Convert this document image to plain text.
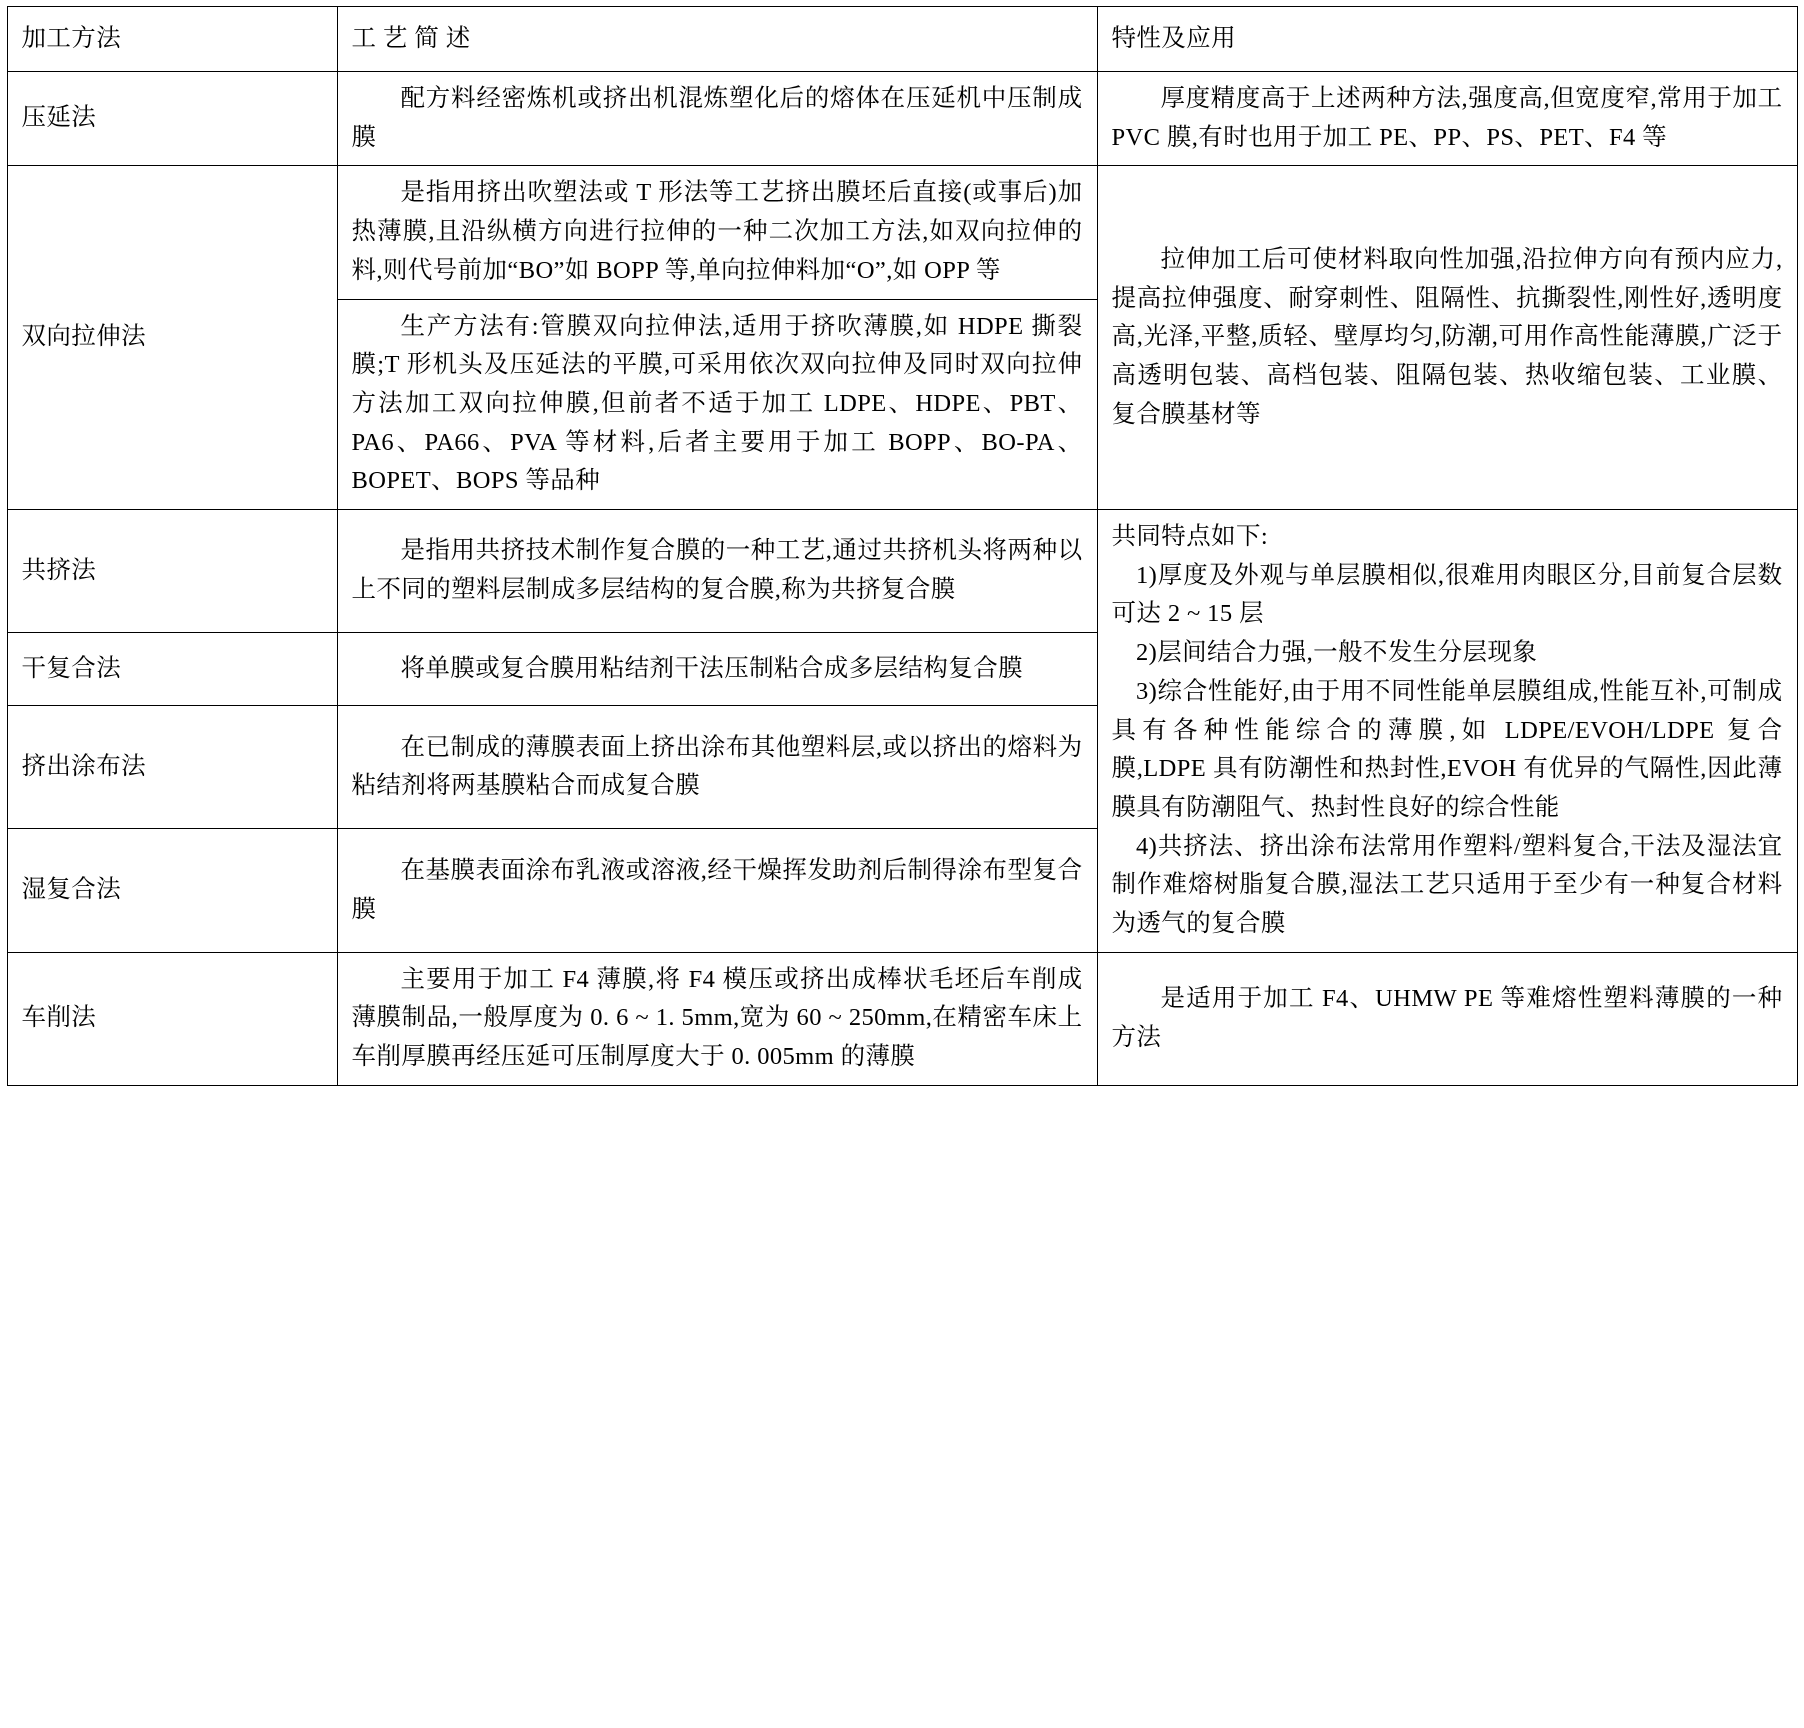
加工方法	工 艺 简 述	特性及应用
压延法	配方料经密炼机或挤出机混炼塑化后的熔体在压延机中压制成膜	厚度精度高于上述两种方法,强度高,但宽度窄,常用于加工 PVC 膜,有时也用于加工 PE、PP、PS、PET、F4 等
双向拉伸法	是指用挤出吹塑法或 T 形法等工艺挤出膜坯后直接(或事后)加热薄膜,且沿纵横方向进行拉伸的一种二次加工方法,如双向拉伸的料,则代号前加“BO”如 BOPP 等,单向拉伸料加“O”,如 OPP 等	拉伸加工后可使材料取向性加强,沿拉伸方向有预内应力,提高拉伸强度、耐穿刺性、阻隔性、抗撕裂性,刚性好,透明度高,光泽,平整,质轻、壁厚均匀,防潮,可用作高性能薄膜,广泛于高透明包装、高档包装、阻隔包装、热收缩包装、工业膜、复合膜基材等
	生产方法有:管膜双向拉伸法,适用于挤吹薄膜,如 HDPE 撕裂膜;T 形机头及压延法的平膜,可采用依次双向拉伸及同时双向拉伸方法加工双向拉伸膜,但前者不适于加工 LDPE、HDPE、PBT、PA6、PA66、PVA 等材料,后者主要用于加工 BOPP、BO-PA、BOPET、BOPS 等品种	
共挤法	是指用共挤技术制作复合膜的一种工艺,通过共挤机头将两种以上不同的塑料层制成多层结构的复合膜,称为共挤复合膜	共同特点如下:

1)厚度及外观与单层膜相似,很难用肉眼区分,目前复合层数可达 2 ~ 15 层

2)层间结合力强,一般不发生分层现象

3)综合性能好,由于用不同性能单层膜组成,性能互补,可制成具有各种性能综合的薄膜,如 LDPE/EVOH/LDPE 复合膜,LDPE 具有防潮性和热封性,EVOH 有优异的气隔性,因此薄膜具有防潮阻气、热封性良好的综合性能

4)共挤法、挤出涂布法常用作塑料/塑料复合,干法及湿法宜制作难熔树脂复合膜,湿法工艺只适用于至少有一种复合材料为透气的复合膜

干复合法	将单膜或复合膜用粘结剂干法压制粘合成多层结构复合膜	
挤出涂布法	在已制成的薄膜表面上挤出涂布其他塑料层,或以挤出的熔料为粘结剂将两基膜粘合而成复合膜	
湿复合法	在基膜表面涂布乳液或溶液,经干燥挥发助剂后制得涂布型复合膜	
车削法	主要用于加工 F4 薄膜,将 F4 模压或挤出成棒状毛坯后车削成薄膜制品,一般厚度为 0. 6 ~ 1. 5mm,宽为 60 ~ 250mm,在精密车床上车削厚膜再经压延可压制厚度大于 0. 005mm 的薄膜	是适用于加工 F4、UHMW PE 等难熔性塑料薄膜的一种方法
